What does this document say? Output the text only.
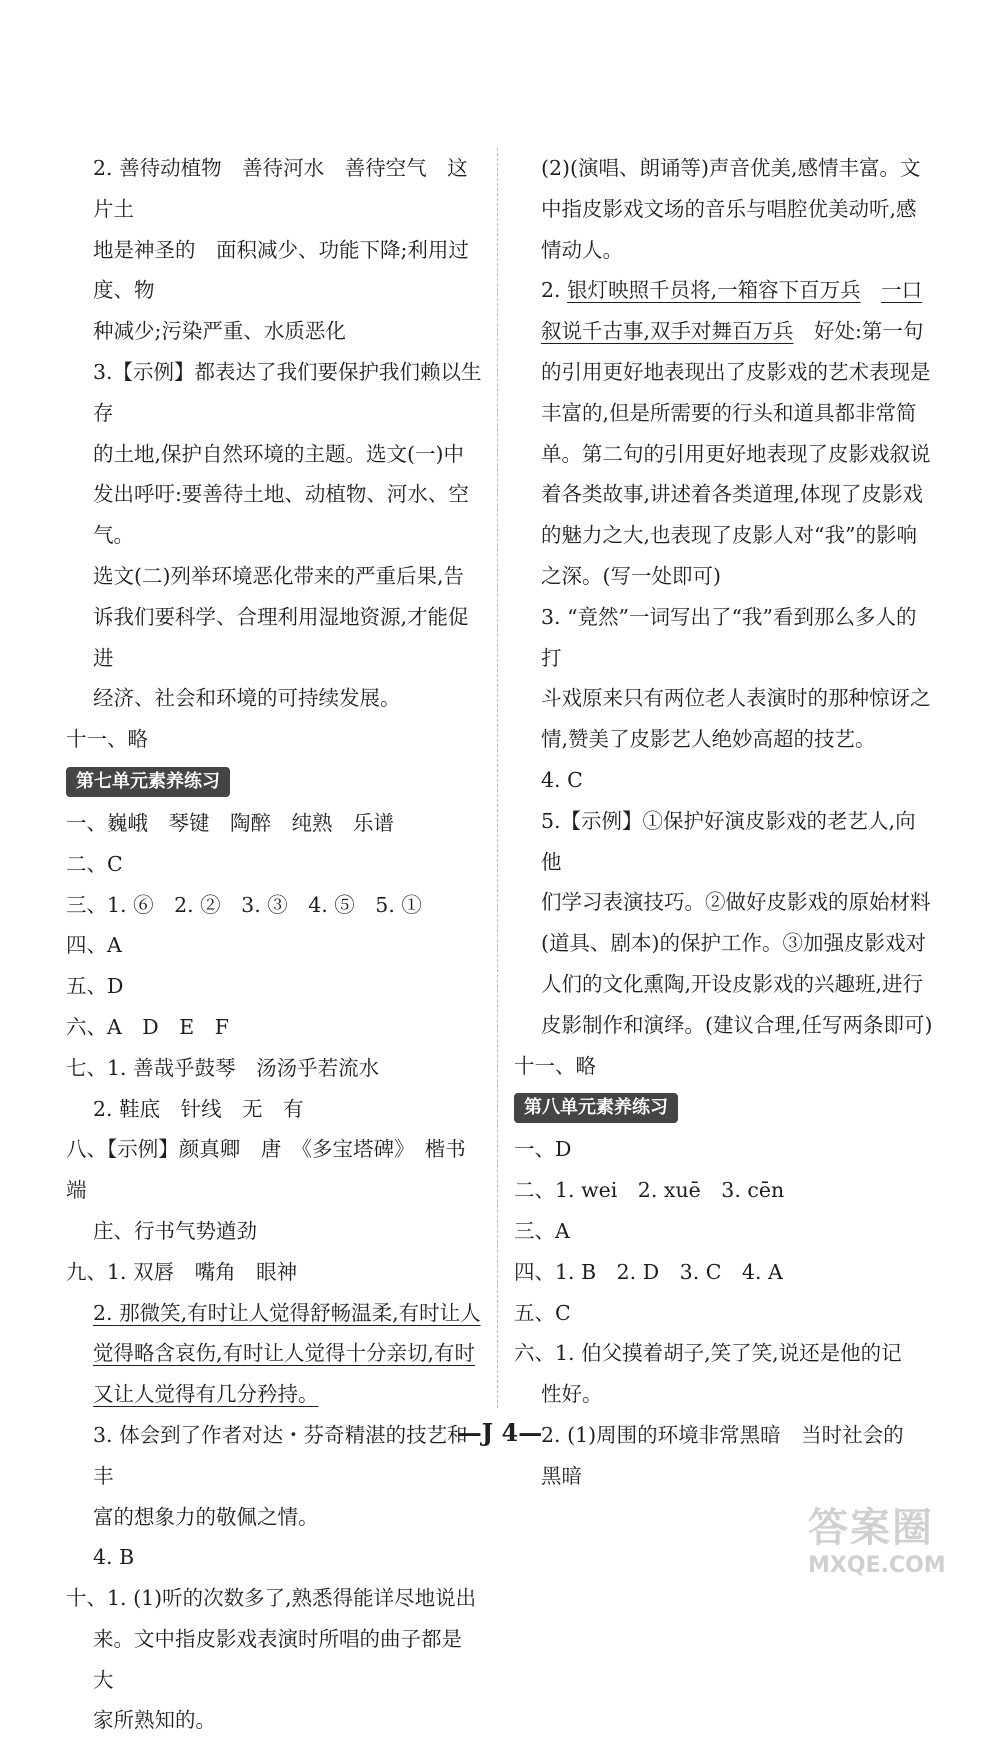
2. 善待动植物　善待河水　善待空气　这片土

地是神圣的　面积减少、功能下降;利用过度、物

种减少;污染严重、水质恶化

3.【示例】都表达了我们要保护我们赖以生存

的土地,保护自然环境的主题。选文(一)中

发出呼吁:要善待土地、动植物、河水、空气。

选文(二)列举环境恶化带来的严重后果,告

诉我们要科学、合理利用湿地资源,才能促进

经济、社会和环境的可持续发展。

十一、略

第七单元素养练习

一、巍峨　琴键　陶醉　纯熟　乐谱

二、C

三、1. ⑥　2. ②　3. ③　4. ⑤　5. ①

四、A

五、D

六、A　D　E　F

七、1. 善哉乎鼓琴　汤汤乎若流水

2. 鞋底　针线　无　有

八、【示例】颜真卿　唐　《多宝塔碑》　楷书端

庄、行书气势遒劲

九、1. 双唇　嘴角　眼神

2. 那微笑,有时让人觉得舒畅温柔,有时让人

觉得略含哀伤,有时让人觉得十分亲切,有时

又让人觉得有几分矜持。

3. 体会到了作者对达・芬奇精湛的技艺和丰

富的想象力的敬佩之情。

4. B

十、1. (1)听的次数多了,熟悉得能详尽地说出

来。文中指皮影戏表演时所唱的曲子都是大

家所熟知的。

(2)(演唱、朗诵等)声音优美,感情丰富。文

中指皮影戏文场的音乐与唱腔优美动听,感

情动人。

2. 银灯映照千员将,一箱容下百万兵　 一口

叙说千古事,双手对舞百万兵　好处:第一句

的引用更好地表现出了皮影戏的艺术表现是

丰富的,但是所需要的行头和道具都非常简

单。第二句的引用更好地表现了皮影戏叙说

着各类故事,讲述着各类道理,体现了皮影戏

的魅力之大,也表现了皮影人对“我”的影响

之深。(写一处即可)

3. “竟然”一词写出了“我”看到那么多人的打

斗戏原来只有两位老人表演时的那种惊讶之

情,赞美了皮影艺人绝妙高超的技艺。

4. C

5.【示例】①保护好演皮影戏的老艺人,向他

们学习表演技巧。②做好皮影戏的原始材料

(道具、剧本)的保护工作。③加强皮影戏对

人们的文化熏陶,开设皮影戏的兴趣班,进行

皮影制作和演绎。(建议合理,任写两条即可)

十一、略

第八单元素养练习

一、D

二、1. wei　2. xuē　3. cēn

三、A

四、1. B　2. D　3. C　4. A

五、C

六、1. 伯父摸着胡子,笑了笑,说还是他的记

性好。

2. (1)周围的环境非常黑暗　当时社会的

黑暗

—J 4—
答案圈
MXQE.COM
